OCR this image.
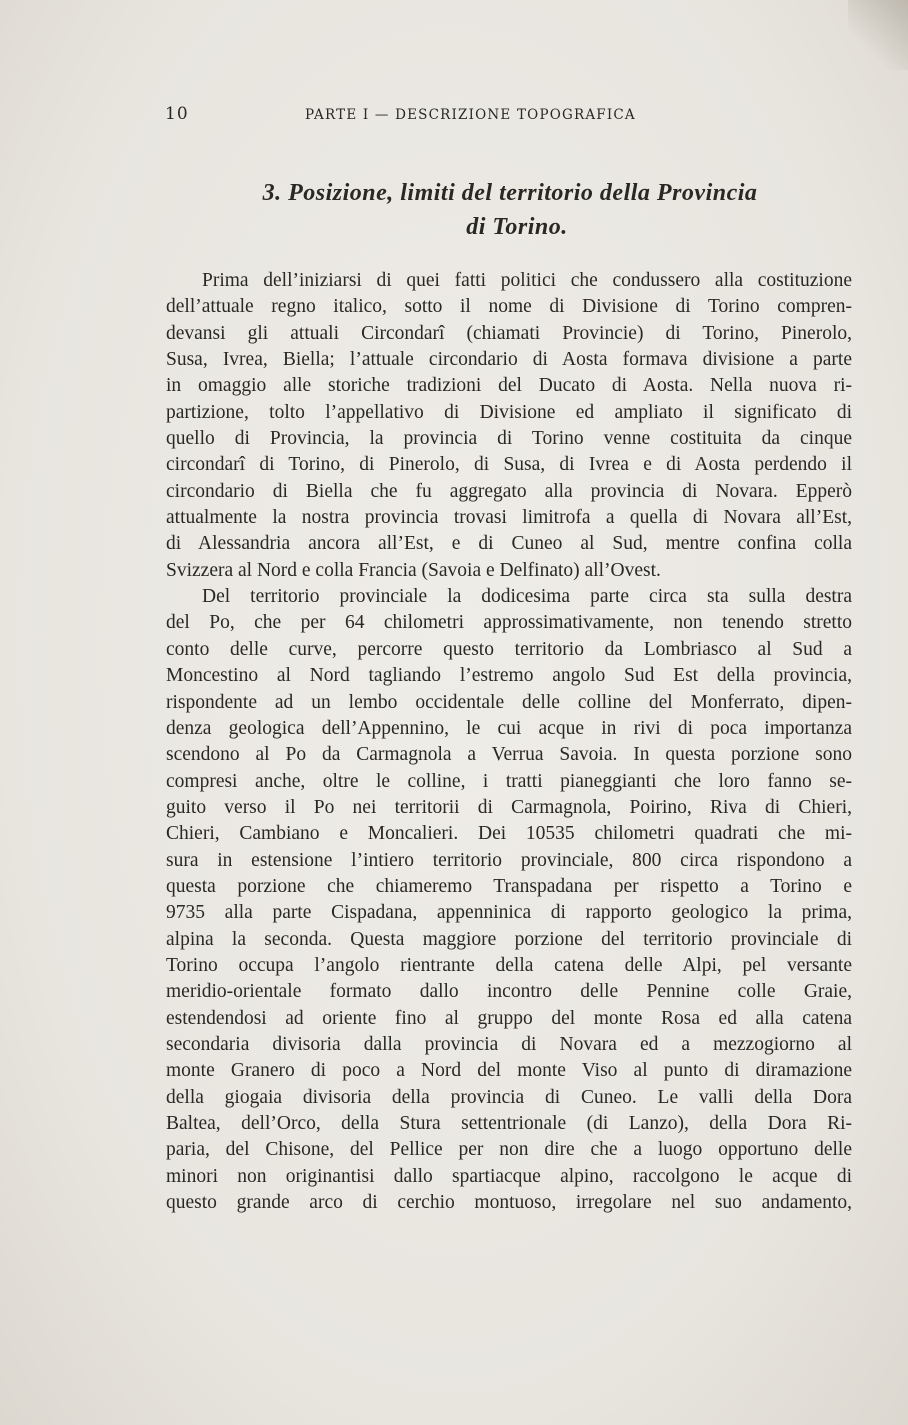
10	PARTE I — DESCRIZIONE TOPOGRAFICA
3. Posizione, limiti del territorio della Provincia
di Torino.
Prima dell’iniziarsi di quei fatti politici che condussero alla costituzione
dell’attuale regno italico, sotto il nome di Divisione di Torino compren-
devansi gli attuali Circondarî (chiamati Provincie) di Torino, Pinerolo,
Susa, Ivrea, Biella; l’attuale circondario di Aosta formava divisione a parte
in omaggio alle storiche tradizioni del Ducato di Aosta. Nella nuova ri-
partizione, tolto l’appellativo di Divisione ed ampliato il significato di
quello di Provincia, la provincia di Torino venne costituita da cinque
circondarî di Torino, di Pinerolo, di Susa, di Ivrea e di Aosta perdendo il
circondario di Biella che fu aggregato alla provincia di Novara. Epperò
attualmente la nostra provincia trovasi limitrofa a quella di Novara all’Est,
di Alessandria ancora all’Est, e di Cuneo al Sud, mentre confina colla
Svizzera al Nord e colla Francia (Savoia e Delfinato) all’Ovest.
Del territorio provinciale la dodicesima parte circa sta sulla destra
del Po, che per 64 chilometri approssimativamente, non tenendo stretto
conto delle curve, percorre questo territorio da Lombriasco al Sud a
Moncestino al Nord tagliando l’estremo angolo Sud Est della provincia,
rispondente ad un lembo occidentale delle colline del Monferrato, dipen-
denza geologica dell’Appennino, le cui acque in rivi di poca importanza
scendono al Po da Carmagnola a Verrua Savoia. In questa porzione sono
compresi anche, oltre le colline, i tratti pianeggianti che loro fanno se-
guito verso il Po nei territorii di Carmagnola, Poirino, Riva di Chieri,
Chieri, Cambiano e Moncalieri. Dei 10535 chilometri quadrati che mi-
sura in estensione l’intiero territorio provinciale, 800 circa rispondono a
questa porzione che chiameremo Transpadana per rispetto a Torino e
9735 alla parte Cispadana, appenninica di rapporto geologico la prima,
alpina la seconda. Questa maggiore porzione del territorio provinciale di
Torino occupa l’angolo rientrante della catena delle Alpi, pel versante
meridio-orientale formato dallo incontro delle Pennine colle Graie,
estendendosi ad oriente fino al gruppo del monte Rosa ed alla catena
secondaria divisoria dalla provincia di Novara ed a mezzogiorno al
monte Granero di poco a Nord del monte Viso al punto di diramazione
della giogaia divisoria della provincia di Cuneo. Le valli della Dora
Baltea, dell’Orco, della Stura settentrionale (di Lanzo), della Dora Ri-
paria, del Chisone, del Pellice per non dire che a luogo opportuno delle
minori non originantisi dallo spartiacque alpino, raccolgono le acque di
questo grande arco di cerchio montuoso, irregolare nel suo andamento,
